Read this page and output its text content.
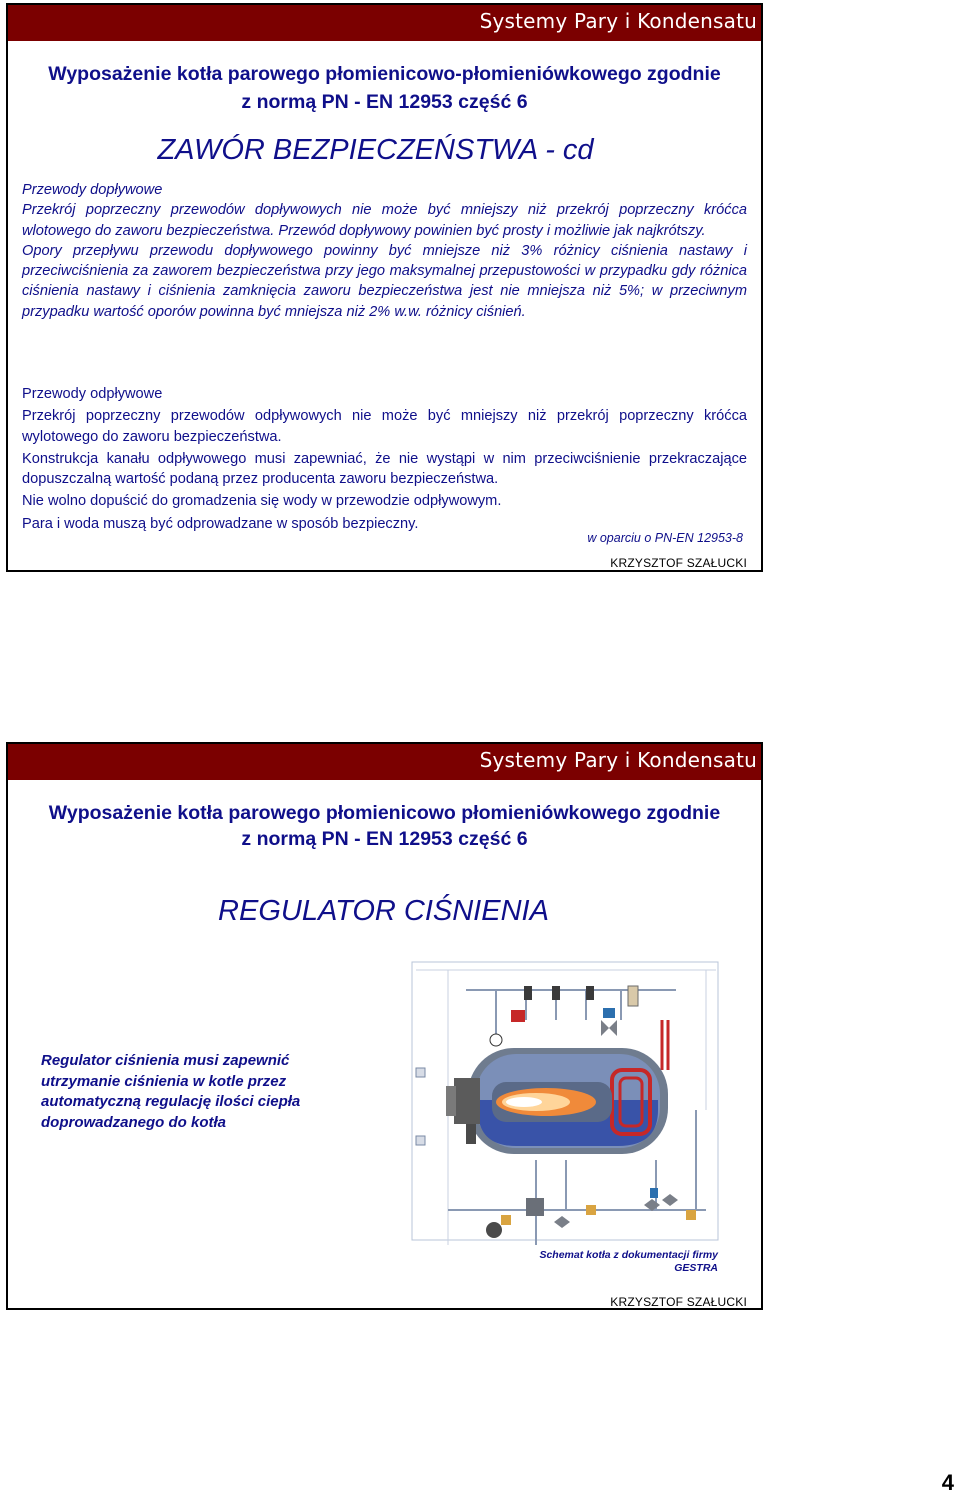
Systemy Pary i Kondensatu
Wyposażenie kotła parowego płomienicowo-płomieniówkowego zgodnie
z normą PN - EN 12953 część 6
ZAWÓR BEZPIECZEŃSTWA - cd

Przewody dopływowe

Przekrój poprzeczny przewodów dopływowych nie może być mniejszy niż przekrój poprzeczny króćca wlotowego do zaworu bezpieczeństwa. Przewód dopływowy powinien być prosty i możliwie jak najkrótszy.

Opory przepływu przewodu dopływowego powinny być mniejsze niż 3% różnicy ciśnienia nastawy i przeciwciśnienia za zaworem bezpieczeństwa przy jego maksymalnej przepustowości w przypadku gdy różnica ciśnienia nastawy i ciśnienia zamknięcia zaworu bezpieczeństwa jest nie mniejsza niż 5%; w przeciwnym przypadku wartość oporów powinna być mniejsza niż 2% w.w. różnicy ciśnień.

Przewody odpływowe

Przekrój poprzeczny przewodów odpływowych nie może być mniejszy niż przekrój poprzeczny króćca wylotowego do zaworu bezpieczeństwa.

Konstrukcja kanału odpływowego musi zapewniać, że nie wystąpi w nim przeciwciśnienie przekraczające dopuszczalną wartość podaną przez producenta zaworu bezpieczeństwa.

Nie wolno dopuścić do gromadzenia się wody w przewodzie odpływowym.

Para i woda muszą być odprowadzane w sposób bezpieczny.

w oparciu o PN-EN 12953-8
KRZYSZTOF SZAŁUCKI
Systemy Pary i Kondensatu
Wyposażenie kotła parowego płomienicowo płomieniówkowego zgodnie
z normą PN - EN 12953 część 6
REGULATOR CIŚNIENIA
Regulator ciśnienia musi zapewnić utrzymanie ciśnienia w kotle przez automatyczną regulację ilości ciepła doprowadzanego do kotła
Schemat kotła z dokumentacji firmy
GESTRA
KRZYSZTOF SZAŁUCKI
4
